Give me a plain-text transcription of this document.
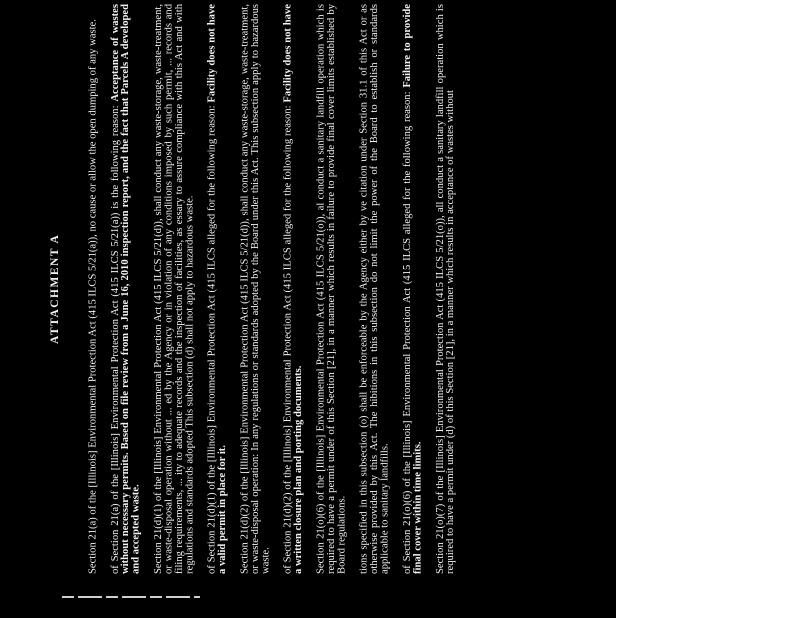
ATTACHMENT A Section 21(a) of the [Illinois] Environmental Protection Act (415 ILCS 5/21(a)), no cause or allow the open dumping of any waste. of Section 21(a) of the [Illinois] Environmental Protection Act (415 ILCS 5/21(a)) is the following reason: Acceptance of wastes without necessary permits. Based on file review from a June 16, 2010 inspection report, and the fact that Parcels A developed and accepted waste. Section 21(d)(1) of the [Illinois] Environmental Protection Act (415 ILCS 5/21(d)), shall conduct any waste-storage, waste-treatment, or waste-disposal operation without ... ed by the Agency or in violation of any conditions imposed by such permit, ... records and filing requirements, ... ity to adequate records and the inspection of facilities, as essary to assure compliance with this Act and with regulations and standards adopted This subsection (d) shall not apply to hazardous waste. of Section 21(d)(1) of the [Illinois] Environmental Protection Act (415 ILCS alleged for the following reason: Facility does not have a valid permit in place for it. Section 21(d)(2) of the [Illinois] Environmental Protection Act (415 ILCS 5/21(d)), shall conduct any waste-storage, waste-treatment, or waste-disposal operation: In any regulations or standards adopted by the Board under this Act. This subsection apply to hazardous waste. of Section 21(d)(2) of the [Illinois] Environmental Protection Act (415 ILCS alleged for the following reason: Facility does not have a written closure plan and porting documents. Section 21(o)(6) of the [Illinois] Environmental Protection Act (415 ILCS 5/21(o)), al conduct a sanitary landfill operation which is required to have a permit under of this Section [21], in a manner which results in failure to provide final cover limits established by Board regulations. tions specified in this subsection (o) shall be enforceable by the Agency either by ve citation under Section 31.1 of this Act or as otherwise provided by this Act. The hibitions in this subsection do not limit the power of the Board to establish or standards applicable to sanitary landfills. of Section 21(o)(6) of the [Illinois] Environmental Protection Act (415 ILCS alleged for the following reason: Failure to provide final cover within time limits. Section 21(o)(7) of the [Illinois] Environmental Protection Act (415 ILCS 5/21(o)), all conduct a sanitary landfill operation which is required to have a permit under (d) of this Section [21], in a manner which results in acceptance of wastes without
